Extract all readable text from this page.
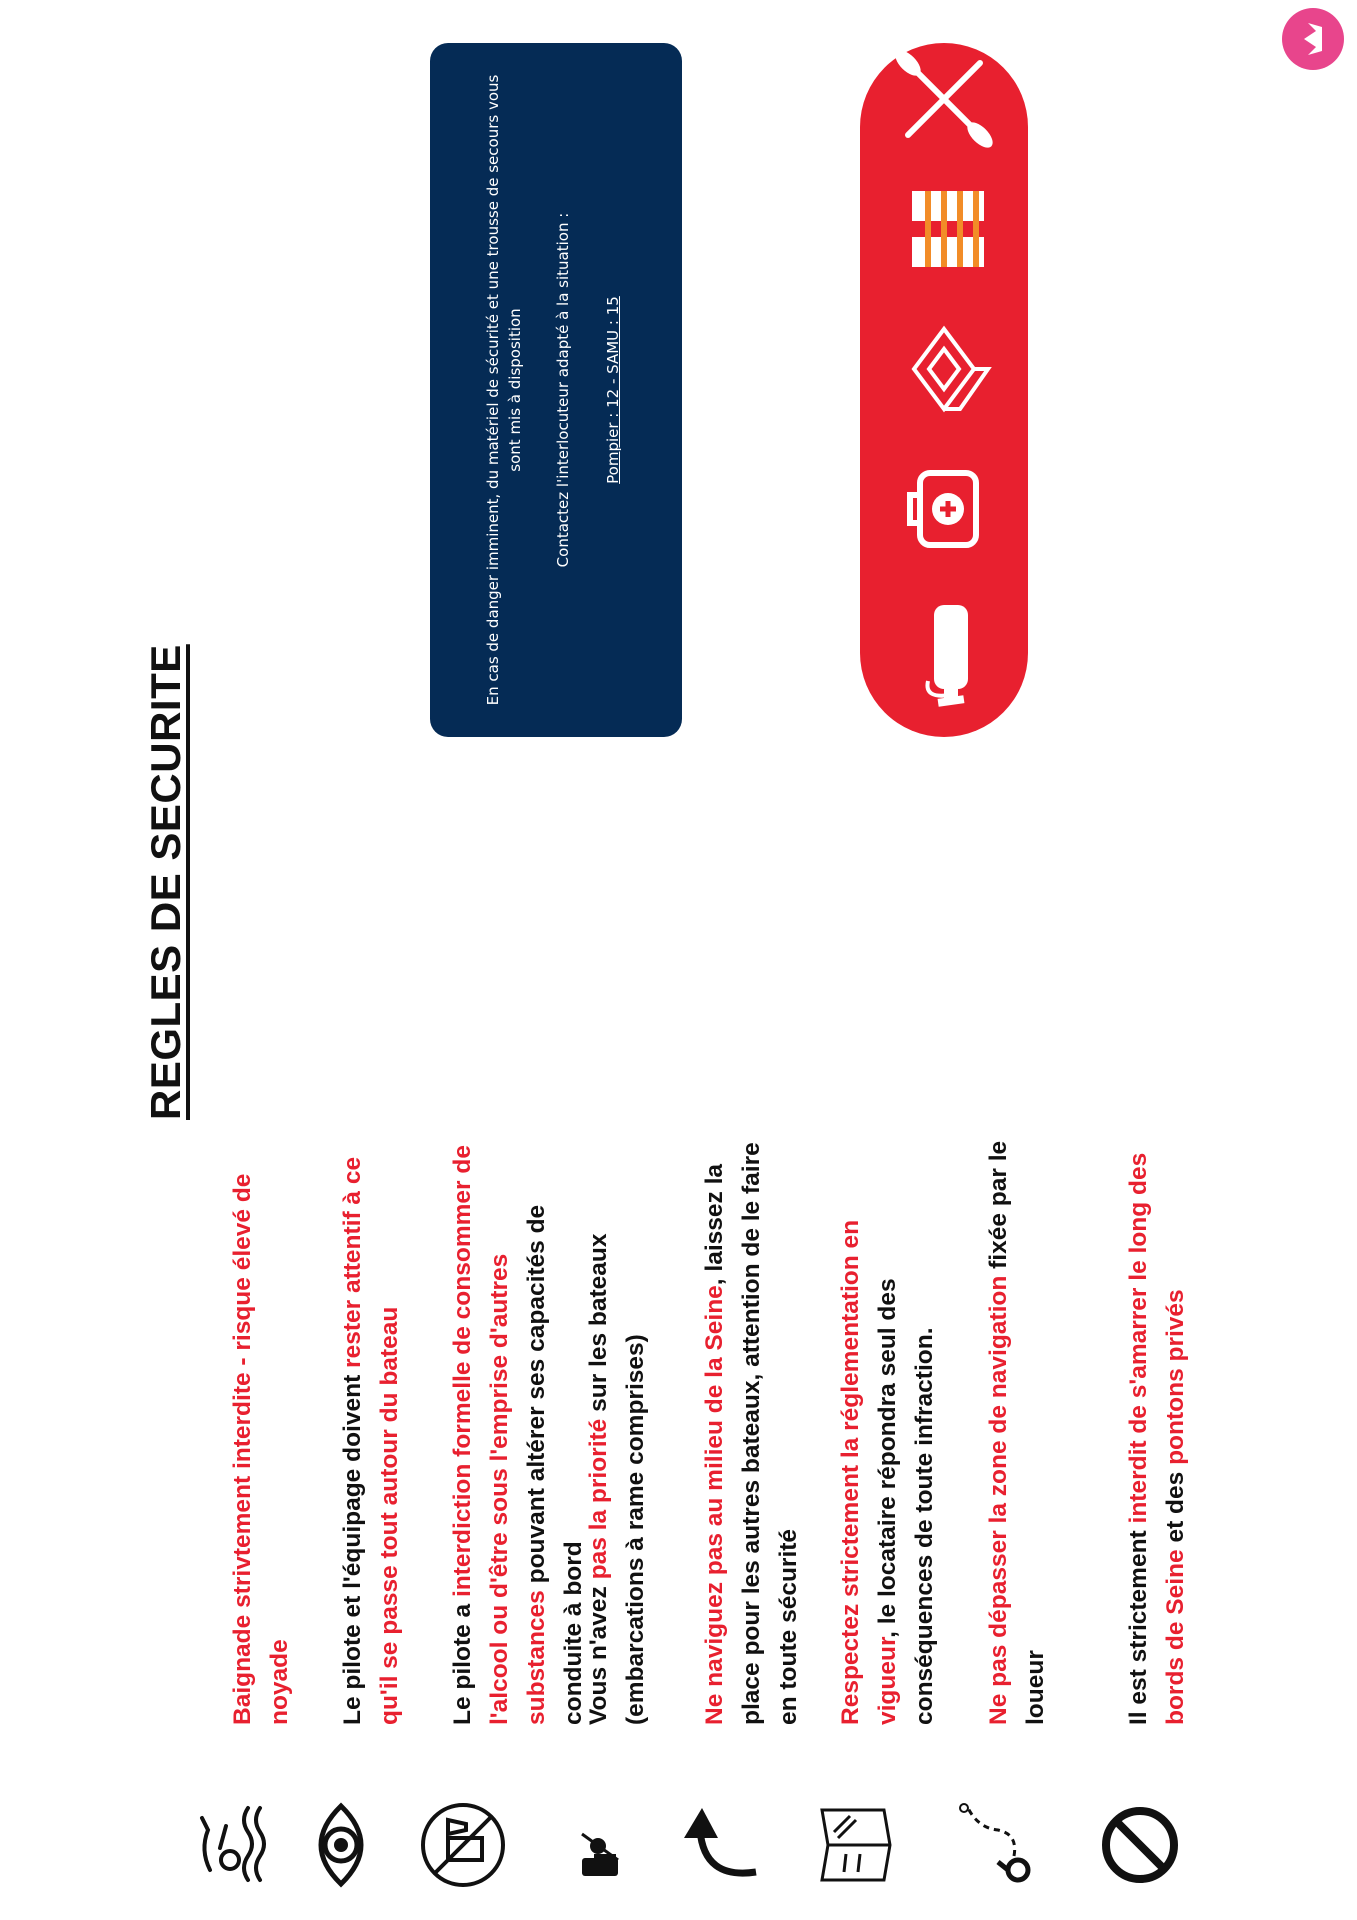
REGLES DE SECURITE
Baignade strivtement interdite - risque élevé de noyade Le pilote et l'équipage doivent rester attentif à ce qu'il se passe tout autour du bateau Le pilote a interdiction formelle de consommer de l'alcool ou d'être sous l'emprise d'autres substances pouvant altérer ses capacités de conduite à bord
Vous n'avez pas la priorité sur les bateaux (embarcations à rame comprises) Ne naviguez pas au milieu de la Seine, laissez la place pour les autres bateaux, attention de le faire en toute sécurité Respectez strictement la réglementation en vigueur, le locataire répondra seul des conséquences de toute infraction. Ne pas dépasser la zone de navigation fixée par le loueur	Il est strictement interdit de s'amarrer le long des bords de Seine et des pontons privés
En cas de danger imminent, du matériel de sécurité et une trousse de secours vous sont mis à disposition Contactez l'interlocuteur adapté à la situation : Pompier : 12 - SAMU : 15
